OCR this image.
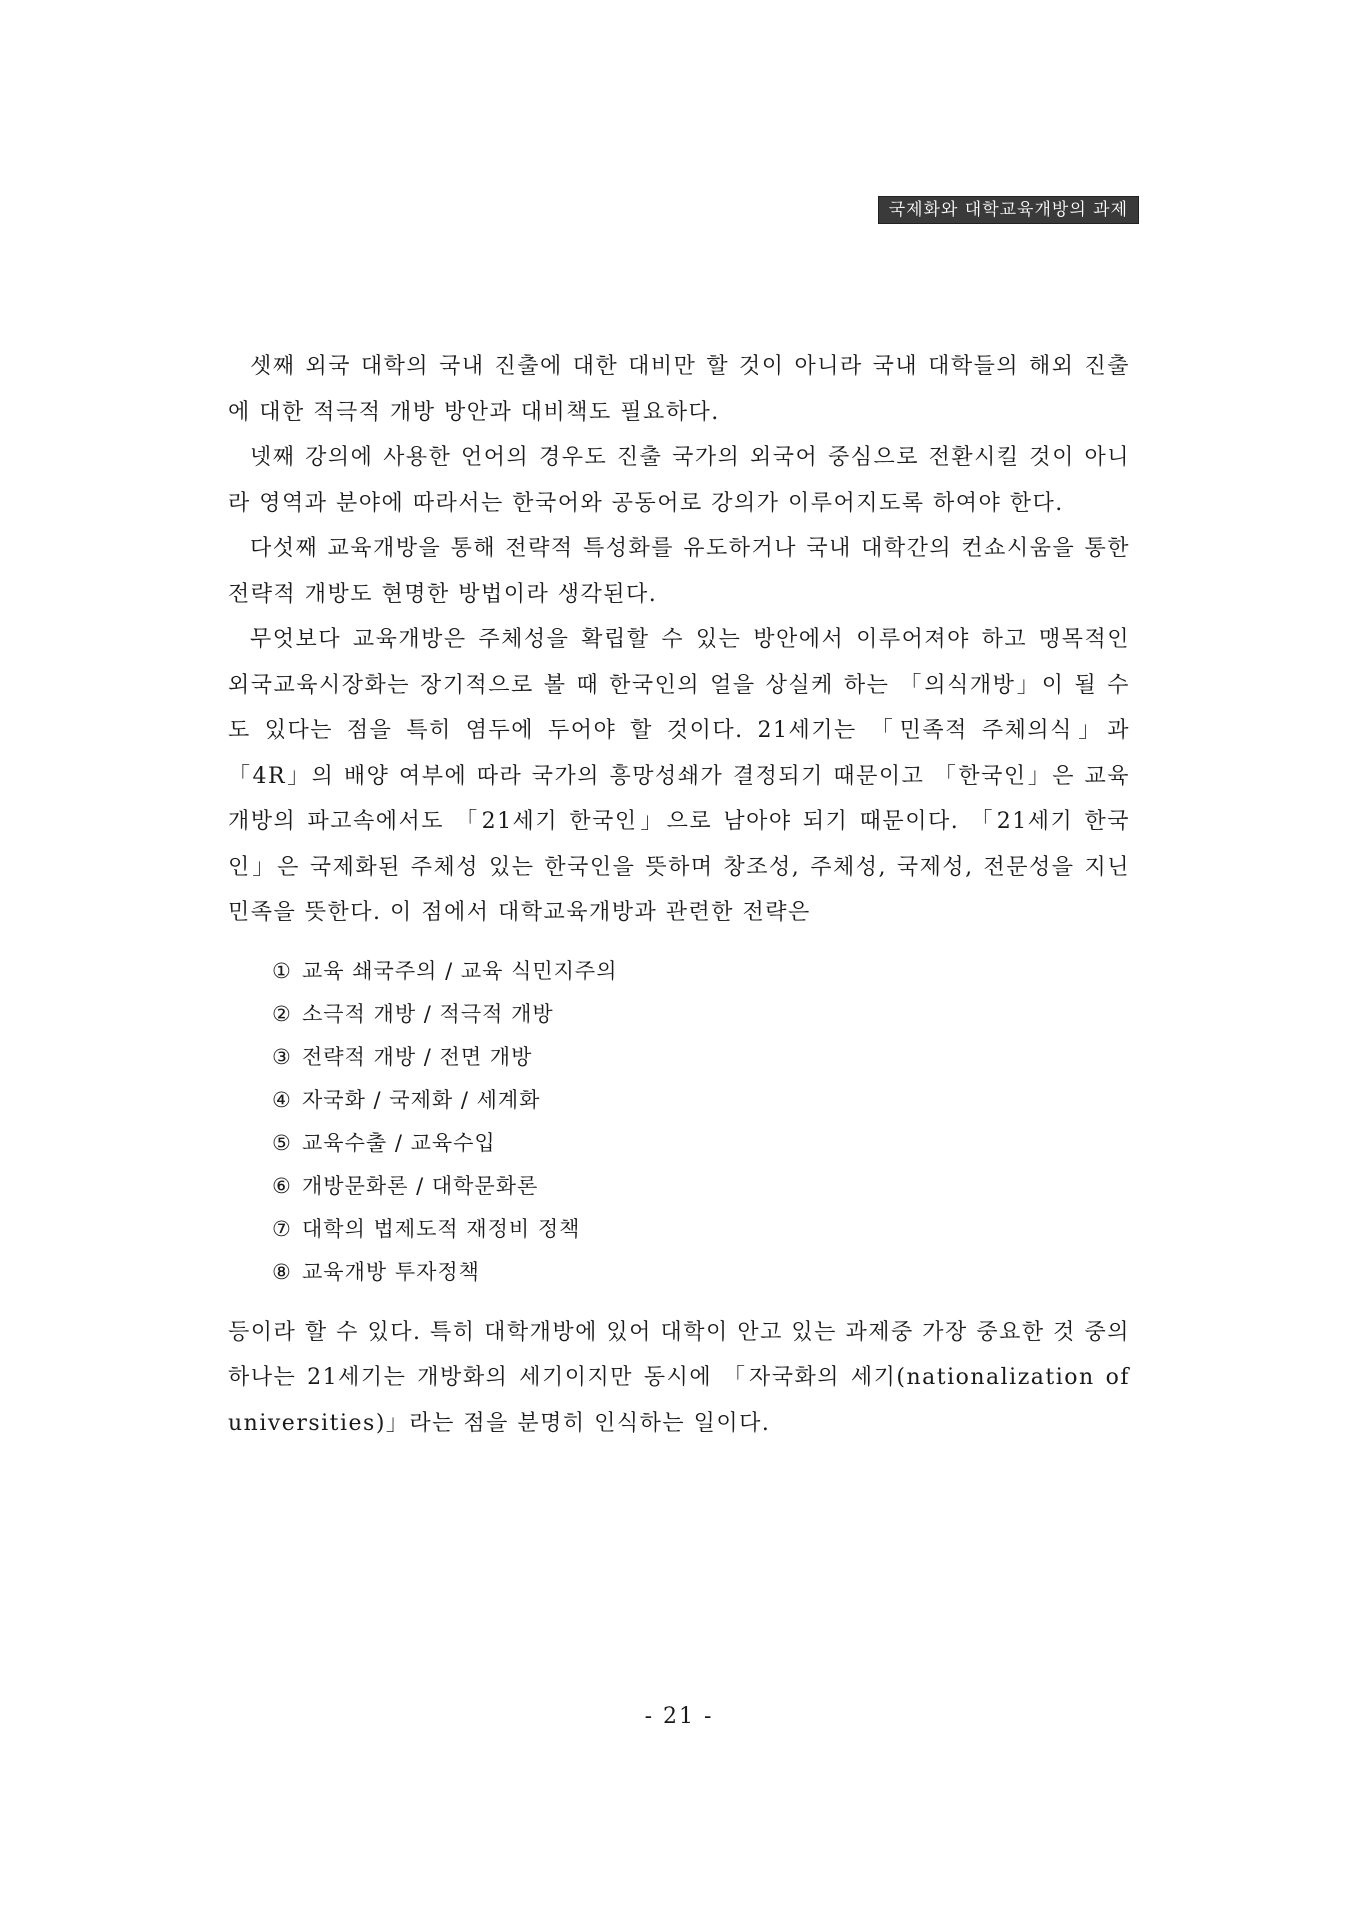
국제화와 대학교육개방의 과제

셋째 외국 대학의 국내 진출에 대한 대비만 할 것이 아니라 국내 대학들의 해외 진출에 대한 적극적 개방 방안과 대비책도 필요하다.

넷째 강의에 사용한 언어의 경우도 진출 국가의 외국어 중심으로 전환시킬 것이 아니라 영역과 분야에 따라서는 한국어와 공동어로 강의가 이루어지도록 하여야 한다.

다섯째 교육개방을 통해 전략적 특성화를 유도하거나 국내 대학간의 컨쇼시움을 통한 전략적 개방도 현명한 방법이라 생각된다.

무엇보다 교육개방은 주체성을 확립할 수 있는 방안에서 이루어져야 하고 맹목적인 외국교육시장화는 장기적으로 볼 때 한국인의 얼을 상실케 하는 「의식개방」이 될 수도 있다는 점을 특히 염두에 두어야 할 것이다. 21세기는 「민족적 주체의식」과 「4R」의 배양 여부에 따라 국가의 흥망성쇄가 결정되기 때문이고 「한국인」은 교육개방의 파고속에서도 「21세기 한국인」으로 남아야 되기 때문이다. 「21세기 한국인」은 국제화된 주체성 있는 한국인을 뜻하며 창조성, 주체성, 국제성, 전문성을 지닌 민족을 뜻한다. 이 점에서 대학교육개방과 관련한 전략은

① 교육 쇄국주의 / 교육 식민지주의
② 소극적 개방 / 적극적 개방
③ 전략적 개방 / 전면 개방
④ 자국화 / 국제화 / 세계화
⑤ 교육수출 / 교육수입
⑥ 개방문화론 / 대학문화론
⑦ 대학의 법제도적 재정비 정책
⑧ 교육개방 투자정책

등이라 할 수 있다. 특히 대학개방에 있어 대학이 안고 있는 과제중 가장 중요한 것 중의 하나는 21세기는 개방화의 세기이지만 동시에 「자국화의 세기(nationalization of universities)」라는 점을 분명히 인식하는 일이다.

- 21 -
